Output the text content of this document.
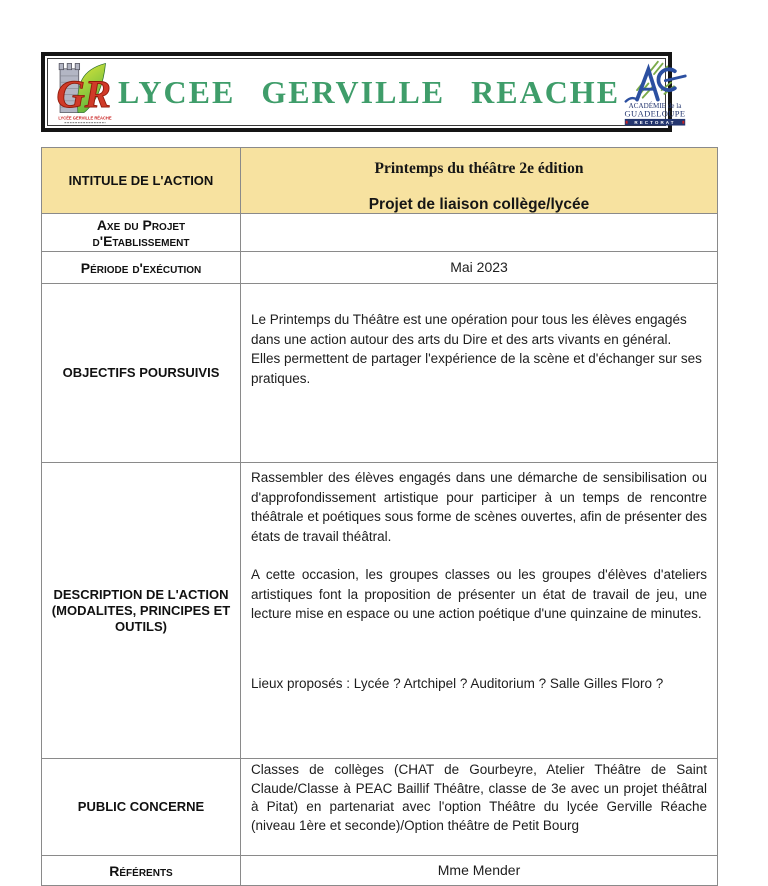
GR
LYCÉE GERVILLE RÉACHE
LYCEE GERVILLE REACHE ACADÉMIE de la
GUADELOUPE
RECTORAT
INTITULE DE L'ACTION
Printemps du théâtre 2e édition
Projet de liaison collège/lycée
Axe du Projet d'Etablissement
Période d'exécution	Mai 2023
OBJECTIFS POURSUIVIS

Le Printemps du Théâtre est une opération pour tous les élèves engagés dans une action autour des arts du Dire et des arts vivants en général.

Elles permettent de partager l'expérience de la scène et d'échanger sur ses pratiques.

DESCRIPTION DE L'ACTION (MODALITES, PRINCIPES ET OUTILS)

Rassembler des élèves engagés dans une démarche de sensibilisation ou d'approfondissement artistique pour participer à un temps de rencontre théâtrale et poétiques sous forme de scènes ouvertes, afin de présenter des états de travail théâtral.

A cette occasion, les groupes classes ou les groupes d'élèves d'ateliers artistiques font la proposition de présenter un état de travail de jeu, une lecture mise en espace ou une action poétique d'une quinzaine de minutes.

Lieux proposés : Lycée ? Artchipel ? Auditorium ? Salle Gilles Floro ?

PUBLIC CONCERNE

Classes de collèges (CHAT de Gourbeyre, Atelier Théâtre de Saint Claude/Classe à PEAC Baillif Théâtre, classe de 3e avec un projet théâtral à Pitat) en partenariat avec l'option Théâtre du lycée Gerville Réache (niveau 1ère et seconde)/Option théâtre de Petit Bourg

Référents	Mme Mender
